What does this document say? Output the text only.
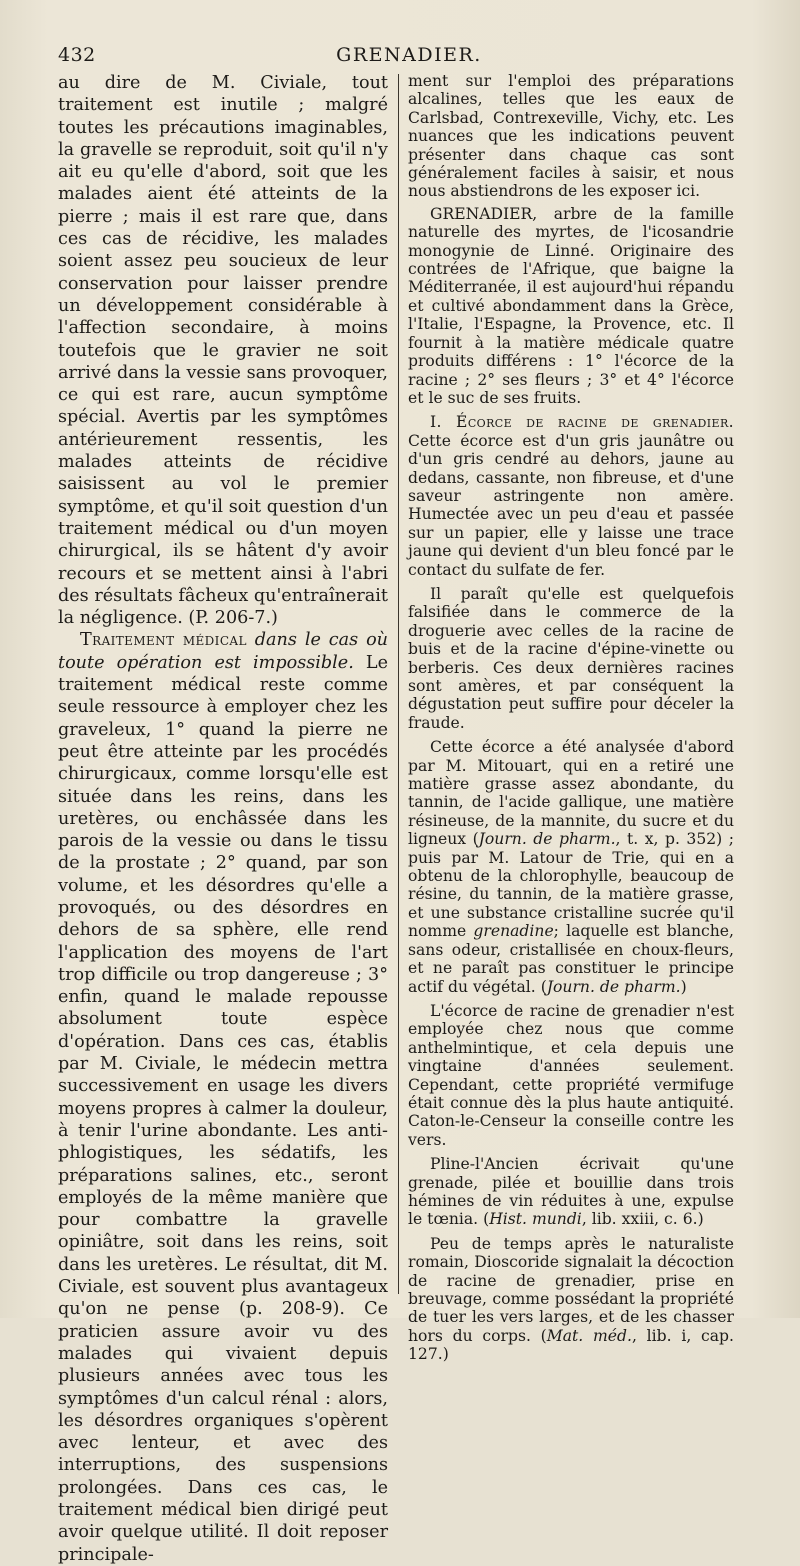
432	GRENADIER.

au dire de M. Civiale, tout traitement est inutile ; malgré toutes les précautions imaginables, la gravelle se reproduit, soit qu'il n'y ait eu qu'elle d'abord, soit que les malades aient été atteints de la pierre ; mais il est rare que, dans ces cas de récidive, les malades soient assez peu soucieux de leur conservation pour laisser prendre un développement considérable à l'affection secondaire, à moins toutefois que le gravier ne soit arrivé dans la vessie sans provoquer, ce qui est rare, aucun symptôme spécial. Avertis par les symptômes antérieurement ressentis, les malades atteints de récidive saisissent au vol le premier symptôme, et qu'il soit question d'un traitement médical ou d'un moyen chirurgical, ils se hâtent d'y avoir recours et se mettent ainsi à l'abri des résultats fâcheux qu'entraînerait la négligence. (P. 206-7.)

Traitement médical dans le cas où toute opération est impossible. Le traitement médical reste comme seule ressource à employer chez les graveleux, 1° quand la pierre ne peut être atteinte par les procédés chirurgicaux, comme lorsqu'elle est située dans les reins, dans les uretères, ou enchâssée dans les parois de la vessie ou dans le tissu de la prostate ; 2° quand, par son volume, et les désordres qu'elle a provoqués, ou des désordres en dehors de sa sphère, elle rend l'application des moyens de l'art trop difficile ou trop dangereuse ; 3° enfin, quand le malade repousse absolument toute espèce d'opération. Dans ces cas, établis par M. Civiale, le médecin mettra successivement en usage les divers moyens propres à calmer la douleur, à tenir l'urine abondante. Les anti-phlogistiques, les sédatifs, les préparations salines, etc., seront employés de la même manière que pour combattre la gravelle opiniâtre, soit dans les reins, soit dans les uretères. Le résultat, dit M. Civiale, est souvent plus avantageux qu'on ne pense (p. 208-9). Ce praticien assure avoir vu des malades qui vivaient depuis plusieurs années avec tous les symptômes d'un calcul rénal : alors, les désordres organiques s'opèrent avec lenteur, et avec des interruptions, des suspensions prolongées. Dans ces cas, le traitement médical bien dirigé peut avoir quelque utilité. Il doit reposer principale-

ment sur l'emploi des préparations alcalines, telles que les eaux de Carlsbad, Contrexeville, Vichy, etc. Les nuances que les indications peuvent présenter dans chaque cas sont généralement faciles à saisir, et nous nous abstiendrons de les exposer ici.

GRENADIER, arbre de la famille naturelle des myrtes, de l'icosandrie monogynie de Linné. Originaire des contrées de l'Afrique, que baigne la Méditerranée, il est aujourd'hui répandu et cultivé abondamment dans la Grèce, l'Italie, l'Espagne, la Provence, etc. Il fournit à la matière médicale quatre produits différens : 1° l'écorce de la racine ; 2° ses fleurs ; 3° et 4° l'écorce et le suc de ses fruits.

I. Écorce de racine de grenadier. Cette écorce est d'un gris jaunâtre ou d'un gris cendré au dehors, jaune au dedans, cassante, non fibreuse, et d'une saveur astringente non amère. Humectée avec un peu d'eau et passée sur un papier, elle y laisse une trace jaune qui devient d'un bleu foncé par le contact du sulfate de fer.

Il paraît qu'elle est quelquefois falsifiée dans le commerce de la droguerie avec celles de la racine de buis et de la racine d'épine-vinette ou berberis. Ces deux dernières racines sont amères, et par conséquent la dégustation peut suffire pour déceler la fraude.

Cette écorce a été analysée d'abord par M. Mitouart, qui en a retiré une matière grasse assez abondante, du tannin, de l'acide gallique, une matière résineuse, de la mannite, du sucre et du ligneux (Journ. de pharm., t. x, p. 352) ; puis par M. Latour de Trie, qui en a obtenu de la chlorophylle, beaucoup de résine, du tannin, de la matière grasse, et une substance cristalline sucrée qu'il nomme grenadine; laquelle est blanche, sans odeur, cristallisée en choux-fleurs, et ne paraît pas constituer le principe actif du végétal. (Journ. de pharm.)

L'écorce de racine de grenadier n'est employée chez nous que comme anthelmintique, et cela depuis une vingtaine d'années seulement. Cependant, cette propriété vermifuge était connue dès la plus haute antiquité. Caton-le-Censeur la conseille contre les vers.

Pline-l'Ancien écrivait qu'une grenade, pilée et bouillie dans trois hémines de vin réduites à une, expulse le tœnia. (Hist. mundi, lib. xxiii, c. 6.)

Peu de temps après le naturaliste romain, Dioscoride signalait la décoction de racine de grenadier, prise en breuvage, comme possédant la propriété de tuer les vers larges, et de les chasser hors du corps. (Mat. méd., lib. i, cap. 127.)
